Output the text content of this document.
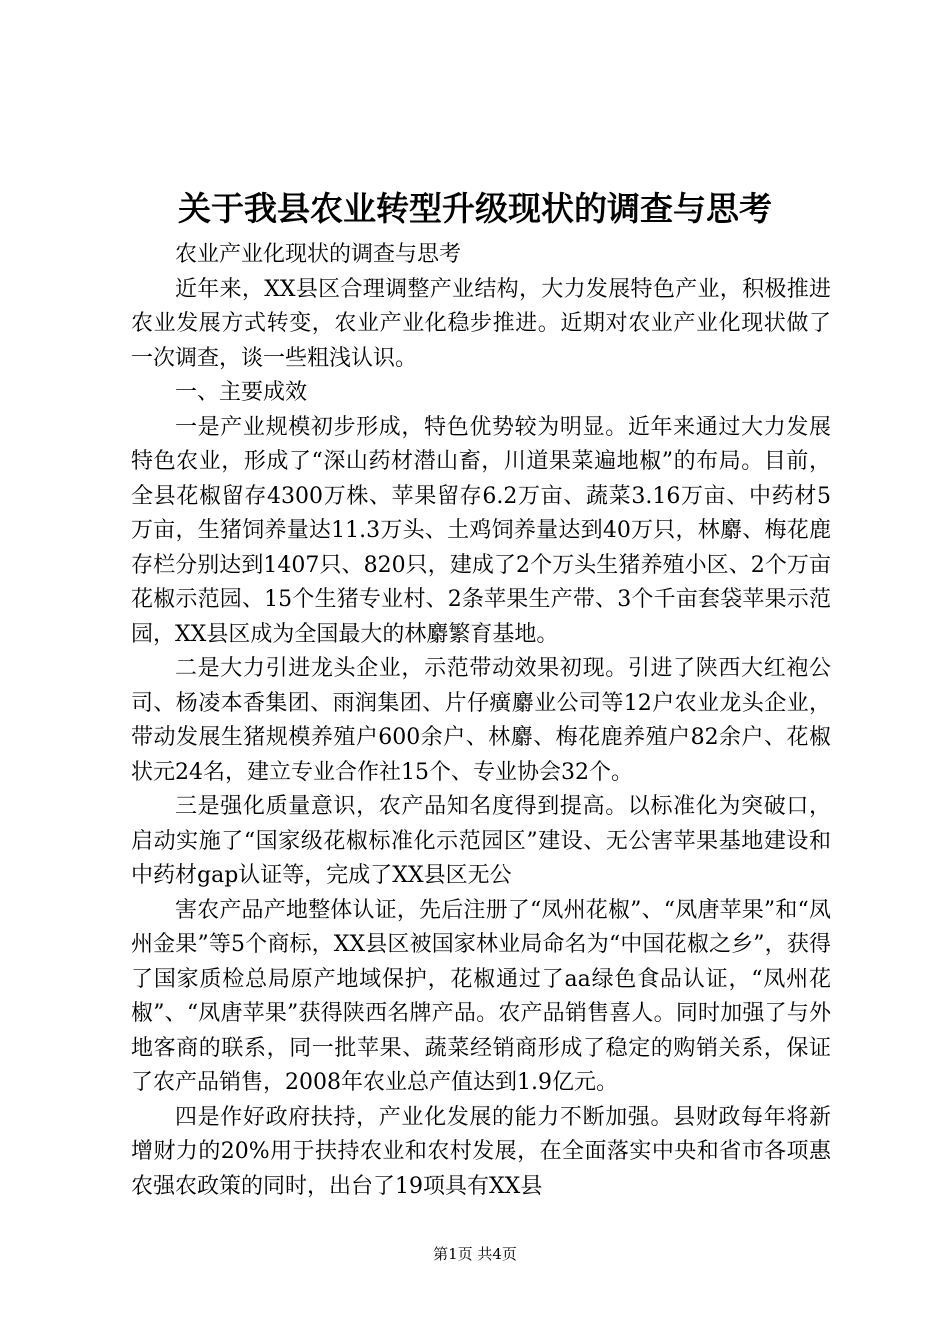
关于我县农业转型升级现状的调查与思考

农业产业化现状的调查与思考

近年来，XX县区合理调整产业结构，大力发展特色产业，积极推进农业发展方式转变，农业产业化稳步推进。近期对农业产业化现状做了一次调查，谈一些粗浅认识。

一、主要成效

一是产业规模初步形成，特色优势较为明显。近年来通过大力发展特色农业，形成了“深山药材潜山畜，川道果菜遍地椒”的布局。目前，全县花椒留存4300万株、苹果留存6.2万亩、蔬菜3.16万亩、中药材5万亩，生猪饲养量达11.3万头、土鸡饲养量达到40万只，林麝、梅花鹿存栏分别达到1407只、820只，建成了2个万头生猪养殖小区、2个万亩花椒示范园、15个生猪专业村、2条苹果生产带、3个千亩套袋苹果示范园，XX县区成为全国最大的林麝繁育基地。

二是大力引进龙头企业，示范带动效果初现。引进了陕西大红袍公司、杨凌本香集团、雨润集团、片仔癀麝业公司等12户农业龙头企业，带动发展生猪规模养殖户600余户、林麝、梅花鹿养殖户82余户、花椒状元24名，建立专业合作社15个、专业协会32个。

三是强化质量意识，农产品知名度得到提高。以标准化为突破口，启动实施了“国家级花椒标准化示范园区”建设、无公害苹果基地建设和中药材gap认证等，完成了XX县区无公

害农产品产地整体认证，先后注册了“凤州花椒”、“凤唐苹果”和“凤州金果”等5个商标，XX县区被国家林业局命名为“中国花椒之乡”，获得了国家质检总局原产地域保护，花椒通过了aa绿色食品认证，“凤州花椒”、“凤唐苹果”获得陕西名牌产品。农产品销售喜人。同时加强了与外地客商的联系，同一批苹果、蔬菜经销商形成了稳定的购销关系，保证了农产品销售，2008年农业总产值达到1.9亿元。

四是作好政府扶持，产业化发展的能力不断加强。县财政每年将新增财力的20%用于扶持农业和农村发展，在全面落实中央和省市各项惠农强农政策的同时，出台了19项具有XX县

第1页 共4页
